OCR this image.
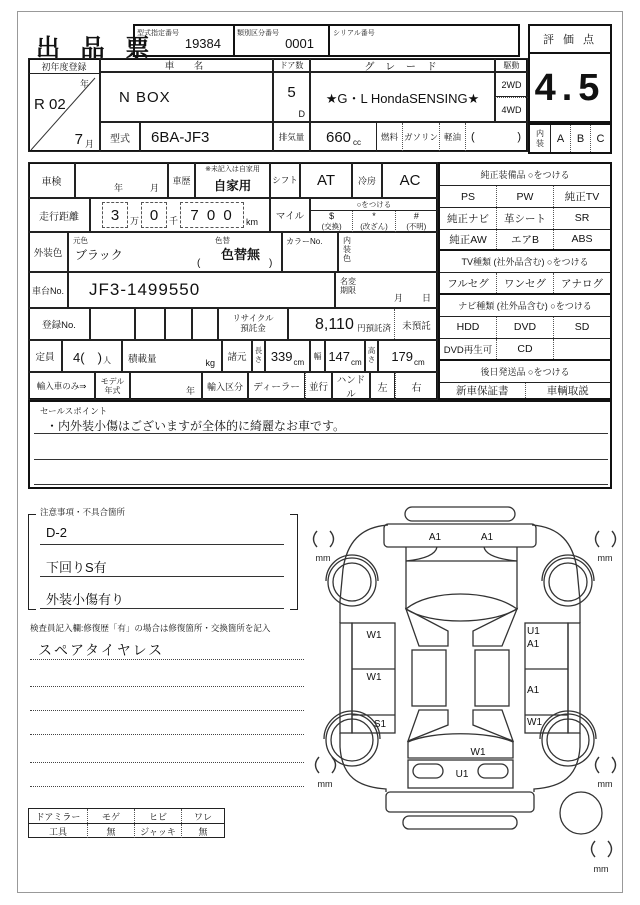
出 品 票
型式指定番号
19384
類別区分番号
0001
シリアル番号
評 価 点
4.5
内
装	A	B	C
初年度登録
年
R 02
7 月
車　名
N BOX
型式	6BA-JF3
ドア数
5
D
排気量
グ レ ー ド
★G・L HondaSENSING★
660 cc
燃料 ガソリン 軽油 (	)
駆動
2WD
4WD
車検
年	月
車歴
※未記入は自家用
自家用	シフト	AT	冷房	AC
走行距離	3	万 0	千 7 0 0	km	マイル
○をつける
$
(交換)
*
(改ざん)
#
(不明)
外装色
元色
ブラック
色替
色替無
(	)
カラーNo.	内
装
色
車台No.	JF3-1499550	名変
期限
月 日
登録No.
リサイクル
預託金	8,110 円預託済	未預託
定員	4(　) 人 積載量	kg	諸元
長
さ 339 cm
幅 147 cm
高
さ 179 cm
輸入車のみ⇒	モデル
年式	年	輸入区分	ディーラー 並行
ハンドル
左	右
純正装備品 ○をつける
PS	PW	純正TV
純正ナビ	革シート	SR
純正AW	エアB	ABS
TV種類 (社外品含む) ○をつける
フルセグ	ワンセグ	アナログ
ナビ種類 (社外品含む) ○をつける
HDD	DVD	SD
DVD再生可	CD
後日発送品 ○をつける
新車保証書	車輌取説
セールスポイント
・内外装小傷はございますが全体的に綺麗なお車です。
注意事項・不具合箇所
D-2
下回りS有
外装小傷有り
検査員記入欄:修復歴「有」の場合は修復箇所・交換箇所を記入
スペアタイヤレス
ドアミラー	モゲ	ヒビ	ワレ
工具	無	ジャッキ	無
mm	mm
mm	mm
mm
A1	A1
W1
W1
S1
U1
A1
A1
W1
W1
U1
